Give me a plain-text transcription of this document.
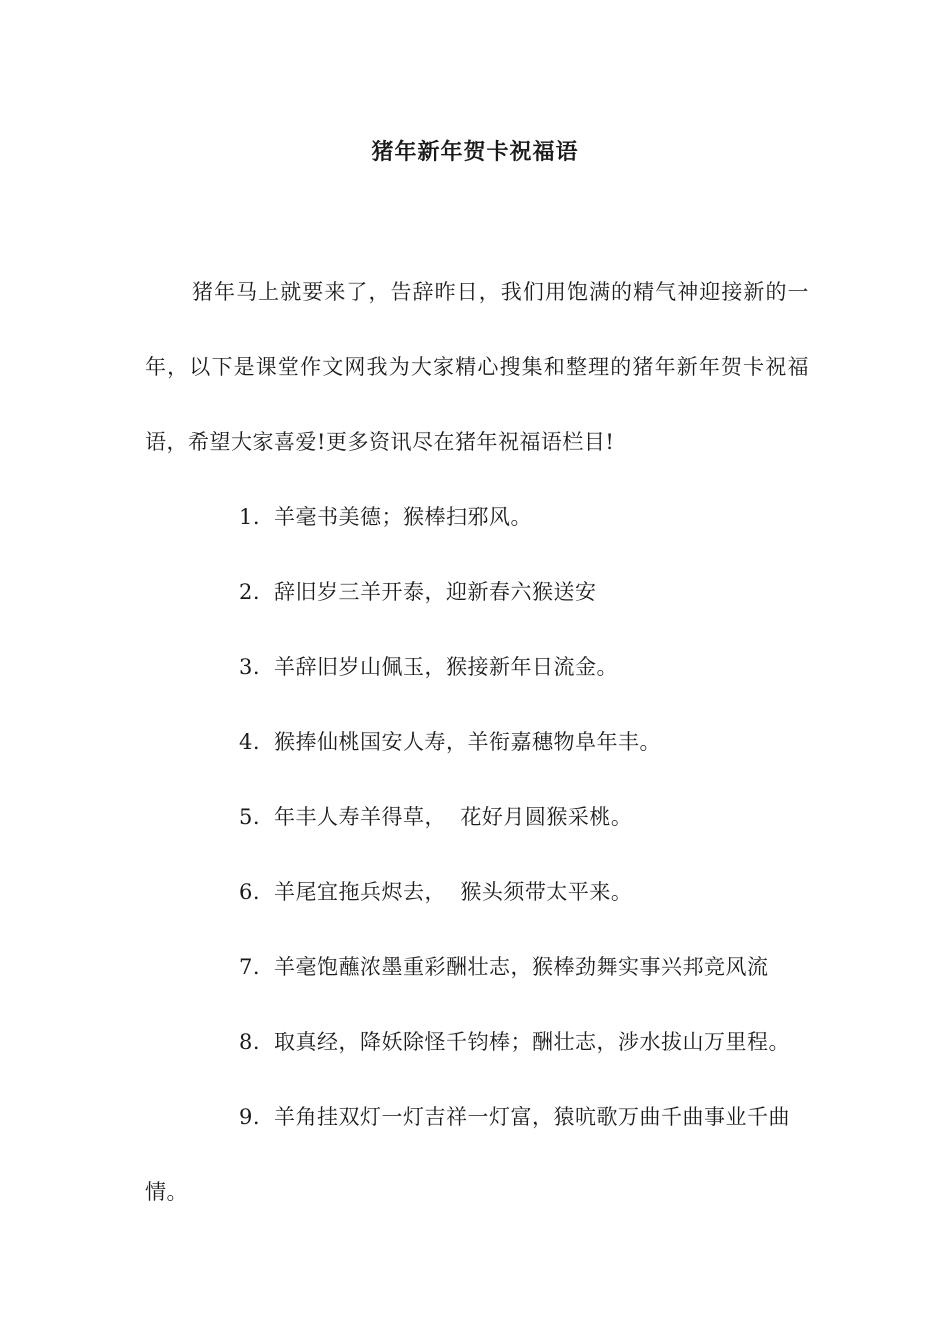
猪年新年贺卡祝福语

猪年马上就要来了，告辞昨日，我们用饱满的精气神迎接新的一年，以下是课堂作文网我为大家精心搜集和整理的猪年新年贺卡祝福语，希望大家喜爱!更多资讯尽在猪年祝福语栏目!

1. 羊毫书美德；猴棒扫邪风。
2. 辞旧岁三羊开泰，迎新春六猴送安
3. 羊辞旧岁山佩玉，猴接新年日流金。
4. 猴捧仙桃国安人寿，羊衔嘉穗物阜年丰。
5. 年丰人寿羊得草，  花好月圆猴采桃。
6. 羊尾宜拖兵烬去，  猴头须带太平来。
7. 羊毫饱蘸浓墨重彩酬壮志，猴棒劲舞实事兴邦竞风流
8. 取真经，降妖除怪千钧棒；酬壮志，涉水拔山万里程。
9. 羊角挂双灯一灯吉祥一灯富，猿吭歌万曲千曲事业千曲情。
